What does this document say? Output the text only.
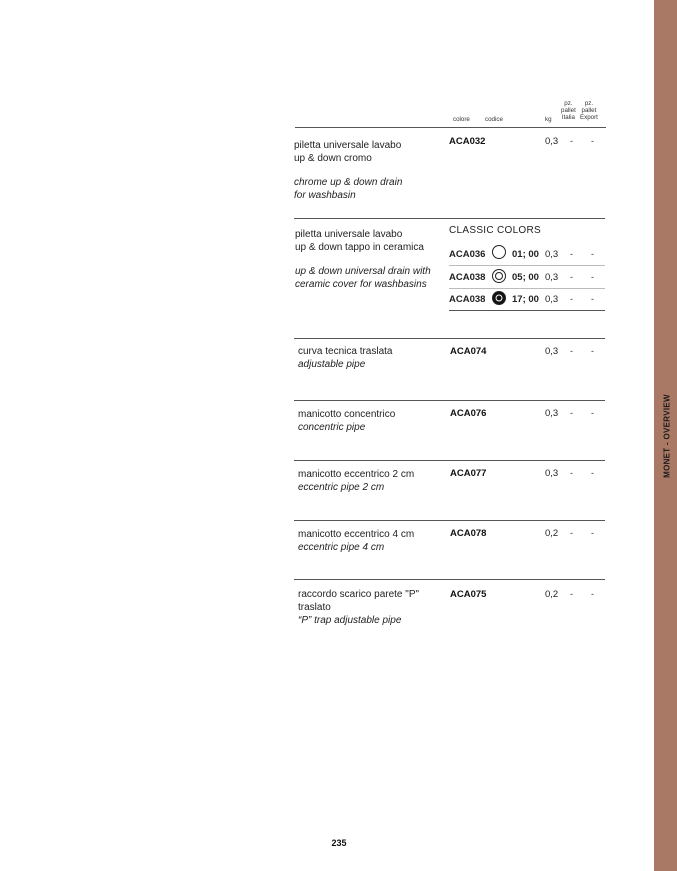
MONET - OVERVIEW
colore codice	kg
pz.
pallet
Italia
pz.
pallet
Export
piletta universale lavabo
up & down cromo
chrome up & down drain
for washbasin
ACA032	0,3 - -
piletta universale lavabo
up & down tappo in ceramica
up & down universal drain with
ceramic cover for washbasins
CLASSIC COLORS
ACA036	01; 00 0,3 - -
ACA038	05; 00 0,3 - -
ACA038	17; 00 0,3 - -
curva tecnica traslata
adjustable pipe
ACA074	0,3 - -
manicotto concentrico
concentric pipe
ACA076	0,3 - -
manicotto eccentrico 2 cm
eccentric pipe 2 cm
ACA077	0,3 - -
manicotto eccentrico 4 cm
eccentric pipe 4 cm
ACA078	0,2 - -
raccordo scarico parete "P"
traslato
“P” trap adjustable pipe
ACA075	0,2 - -
235
